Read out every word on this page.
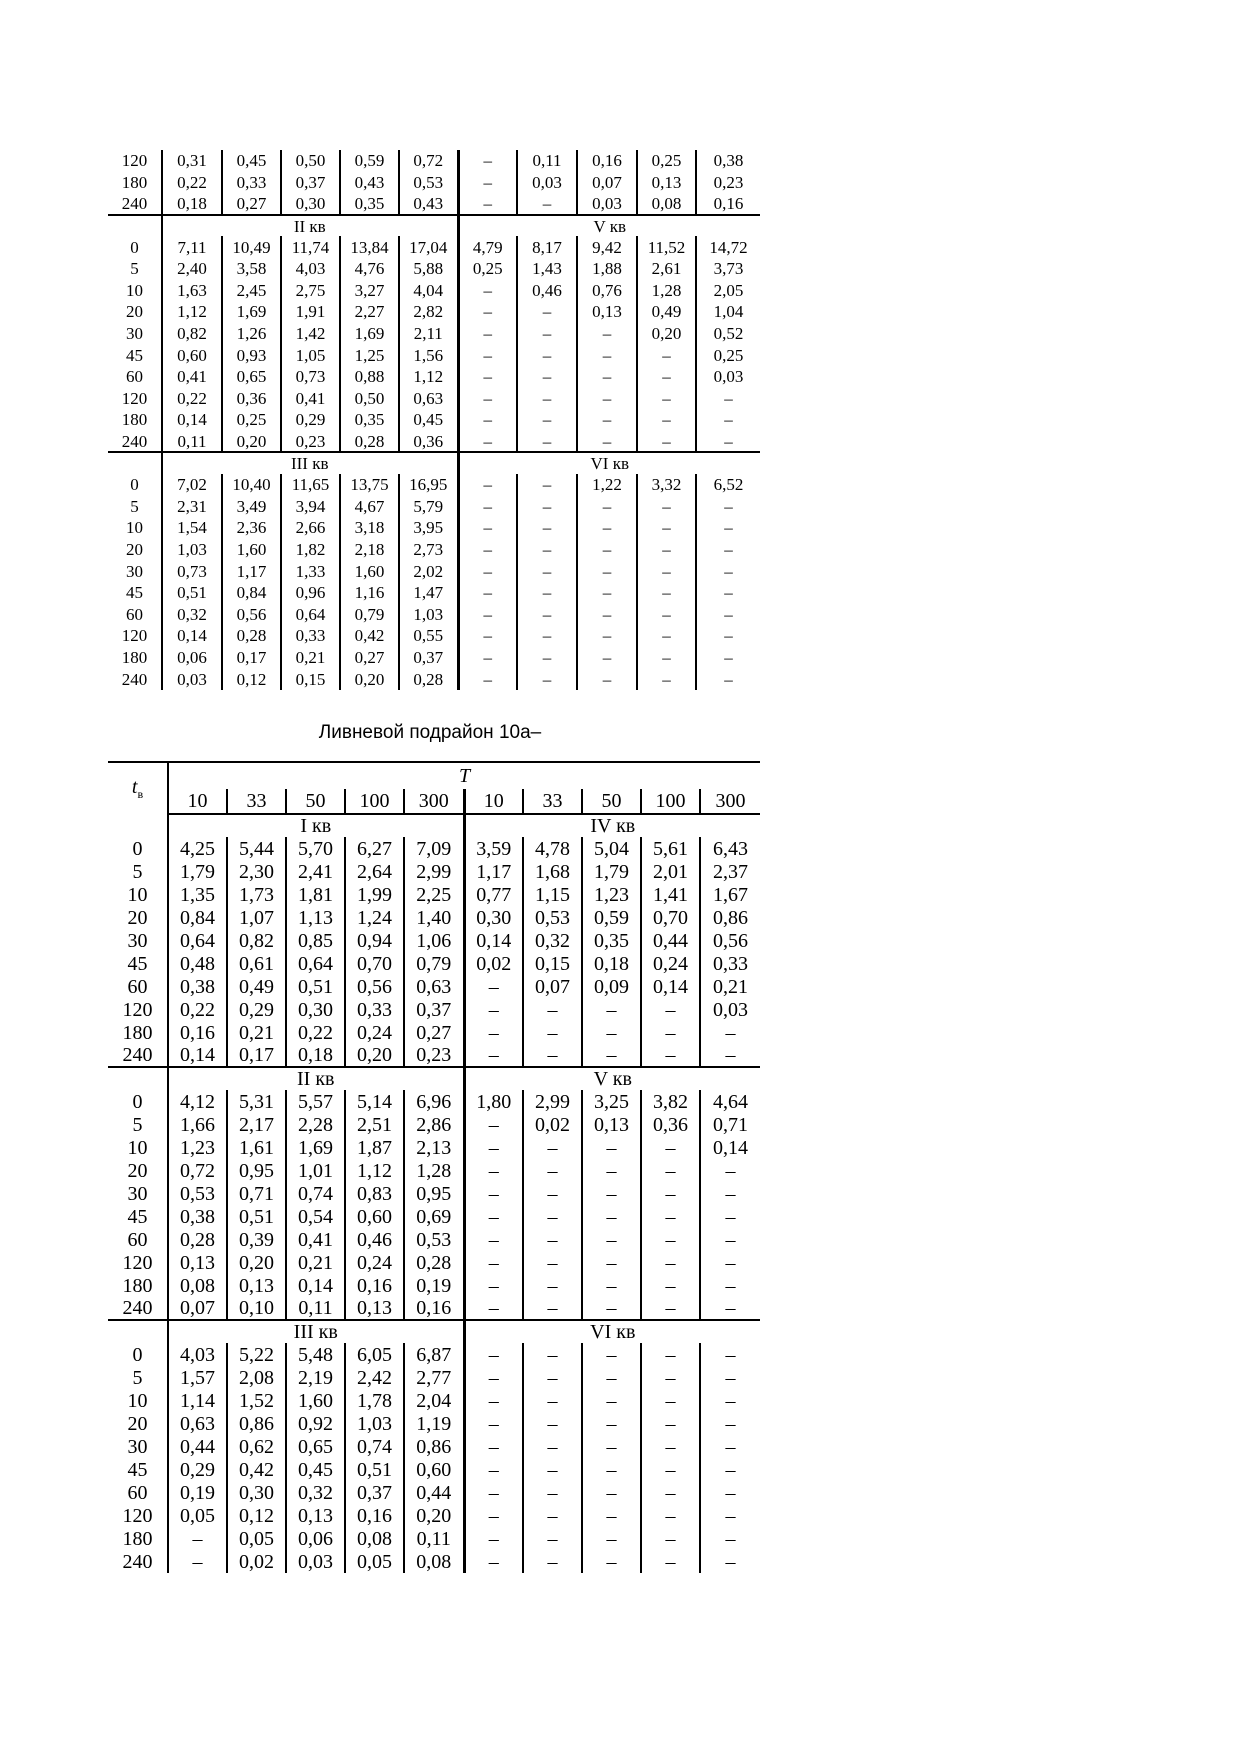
120	0,31	0,45	0,50	0,59	0,72	–	0,11	0,16	0,25	0,38
180	0,22	0,33	0,37	0,43	0,53	–	0,03	0,07	0,13	0,23
240	0,18	0,27	0,30	0,35	0,43	–	–	0,03	0,08	0,16
	II кв					V кв				
0	7,11	10,49	11,74	13,84	17,04	4,79	8,17	9,42	11,52	14,72
5	2,40	3,58	4,03	4,76	5,88	0,25	1,43	1,88	2,61	3,73
10	1,63	2,45	2,75	3,27	4,04	–	0,46	0,76	1,28	2,05
20	1,12	1,69	1,91	2,27	2,82	–	–	0,13	0,49	1,04
30	0,82	1,26	1,42	1,69	2,11	–	–	–	0,20	0,52
45	0,60	0,93	1,05	1,25	1,56	–	–	–	–	0,25
60	0,41	0,65	0,73	0,88	1,12	–	–	–	–	0,03
120	0,22	0,36	0,41	0,50	0,63	–	–	–	–	–
180	0,14	0,25	0,29	0,35	0,45	–	–	–	–	–
240	0,11	0,20	0,23	0,28	0,36	–	–	–	–	–
	III кв					VI кв				
0	7,02	10,40	11,65	13,75	16,95	–	–	1,22	3,32	6,52
5	2,31	3,49	3,94	4,67	5,79	–	–	–	–	–
10	1,54	2,36	2,66	3,18	3,95	–	–	–	–	–
20	1,03	1,60	1,82	2,18	2,73	–	–	–	–	–
30	0,73	1,17	1,33	1,60	2,02	–	–	–	–	–
45	0,51	0,84	0,96	1,16	1,47	–	–	–	–	–
60	0,32	0,56	0,64	0,79	1,03	–	–	–	–	–
120	0,14	0,28	0,33	0,42	0,55	–	–	–	–	–
180	0,06	0,17	0,21	0,27	0,37	–	–	–	–	–
240	0,03	0,12	0,15	0,20	0,28	–	–	–	–	–
Ливневой подрайон 10а–
$t_в$	T									
	10	33	50	100	300	10	33	50	100	300
	I кв					IV кв				
0	4,25	5,44	5,70	6,27	7,09	3,59	4,78	5,04	5,61	6,43
5	1,79	2,30	2,41	2,64	2,99	1,17	1,68	1,79	2,01	2,37
10	1,35	1,73	1,81	1,99	2,25	0,77	1,15	1,23	1,41	1,67
20	0,84	1,07	1,13	1,24	1,40	0,30	0,53	0,59	0,70	0,86
30	0,64	0,82	0,85	0,94	1,06	0,14	0,32	0,35	0,44	0,56
45	0,48	0,61	0,64	0,70	0,79	0,02	0,15	0,18	0,24	0,33
60	0,38	0,49	0,51	0,56	0,63	–	0,07	0,09	0,14	0,21
120	0,22	0,29	0,30	0,33	0,37	–	–	–	–	0,03
180	0,16	0,21	0,22	0,24	0,27	–	–	–	–	–
240	0,14	0,17	0,18	0,20	0,23	–	–	–	–	–
	II кв					V кв				
0	4,12	5,31	5,57	5,14	6,96	1,80	2,99	3,25	3,82	4,64
5	1,66	2,17	2,28	2,51	2,86	–	0,02	0,13	0,36	0,71
10	1,23	1,61	1,69	1,87	2,13	–	–	–	–	0,14
20	0,72	0,95	1,01	1,12	1,28	–	–	–	–	–
30	0,53	0,71	0,74	0,83	0,95	–	–	–	–	–
45	0,38	0,51	0,54	0,60	0,69	–	–	–	–	–
60	0,28	0,39	0,41	0,46	0,53	–	–	–	–	–
120	0,13	0,20	0,21	0,24	0,28	–	–	–	–	–
180	0,08	0,13	0,14	0,16	0,19	–	–	–	–	–
240	0,07	0,10	0,11	0,13	0,16	–	–	–	–	–
	III кв					VI кв				
0	4,03	5,22	5,48	6,05	6,87	–	–	–	–	–
5	1,57	2,08	2,19	2,42	2,77	–	–	–	–	–
10	1,14	1,52	1,60	1,78	2,04	–	–	–	–	–
20	0,63	0,86	0,92	1,03	1,19	–	–	–	–	–
30	0,44	0,62	0,65	0,74	0,86	–	–	–	–	–
45	0,29	0,42	0,45	0,51	0,60	–	–	–	–	–
60	0,19	0,30	0,32	0,37	0,44	–	–	–	–	–
120	0,05	0,12	0,13	0,16	0,20	–	–	–	–	–
180	–	0,05	0,06	0,08	0,11	–	–	–	–	–
240	–	0,02	0,03	0,05	0,08	–	–	–	–	–
